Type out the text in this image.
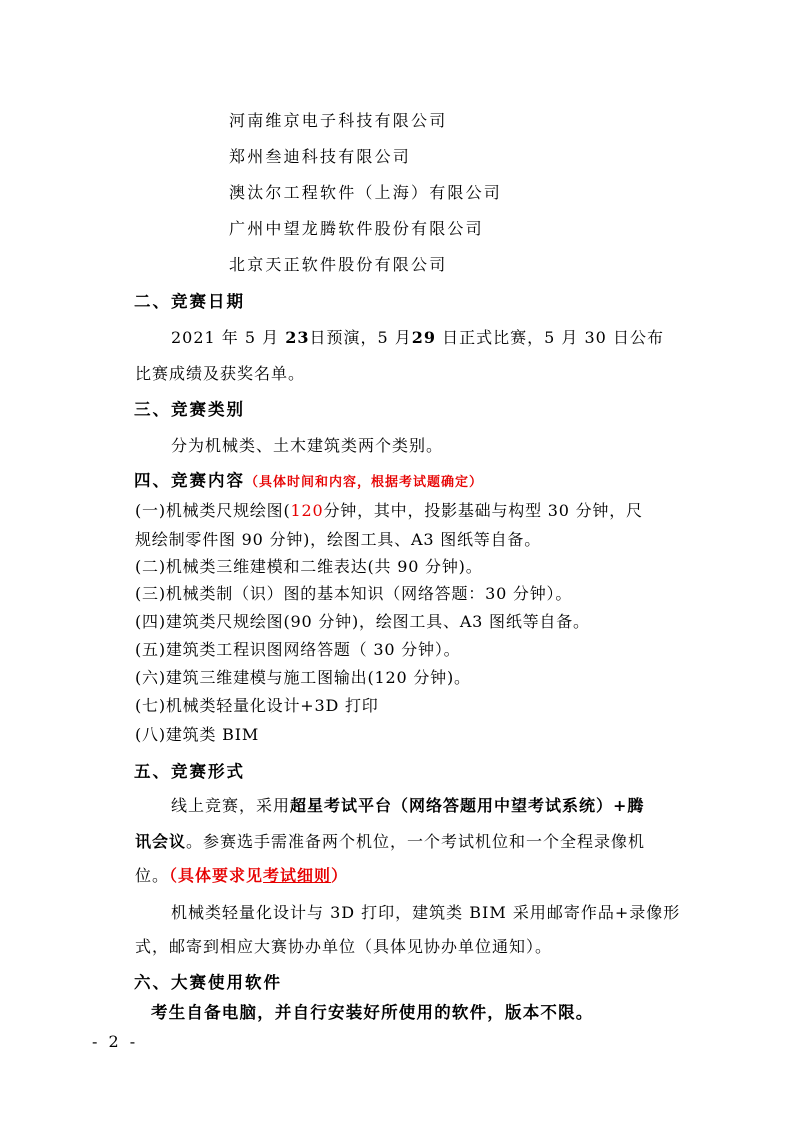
河南维京电子科技有限公司
郑州叁迪科技有限公司
澳汰尔工程软件（上海）有限公司
广州中望龙腾软件股份有限公司
北京天正软件股份有限公司
二、竞赛日期
2021 年 5 月 23日预演，5 月29 日正式比赛，5 月 30 日公布
比赛成绩及获奖名单。
三、竞赛类别
分为机械类、土木建筑类两个类别。
四、竞赛内容（具体时间和内容，根据考试题确定）
(一)机械类尺规绘图(120分钟，其中，投影基础与构型 30 分钟，尺
规绘制零件图 90 分钟)，绘图工具、A3 图纸等自备。
(二)机械类三维建模和二维表达(共 90 分钟)。
(三)机械类制（识）图的基本知识（网络答题：30 分钟）。
(四)建筑类尺规绘图(90 分钟)，绘图工具、A3 图纸等自备。
(五)建筑类工程识图网络答题（ 30 分钟）。
(六)建筑三维建模与施工图输出(120 分钟)。
(七)机械类轻量化设计+3D 打印
(八)建筑类 BIM
五、竞赛形式
线上竞赛，采用超星考试平台（网络答题用中望考试系统）+腾
讯会议。参赛选手需准备两个机位，一个考试机位和一个全程录像机
位。（具体要求见考试细则）
机械类轻量化设计与 3D 打印，建筑类 BIM 采用邮寄作品+录像形
式，邮寄到相应大赛协办单位（具体见协办单位通知）。
六、大赛使用软件
考生自备电脑，并自行安装好所使用的软件，版本不限。
- 2 -
